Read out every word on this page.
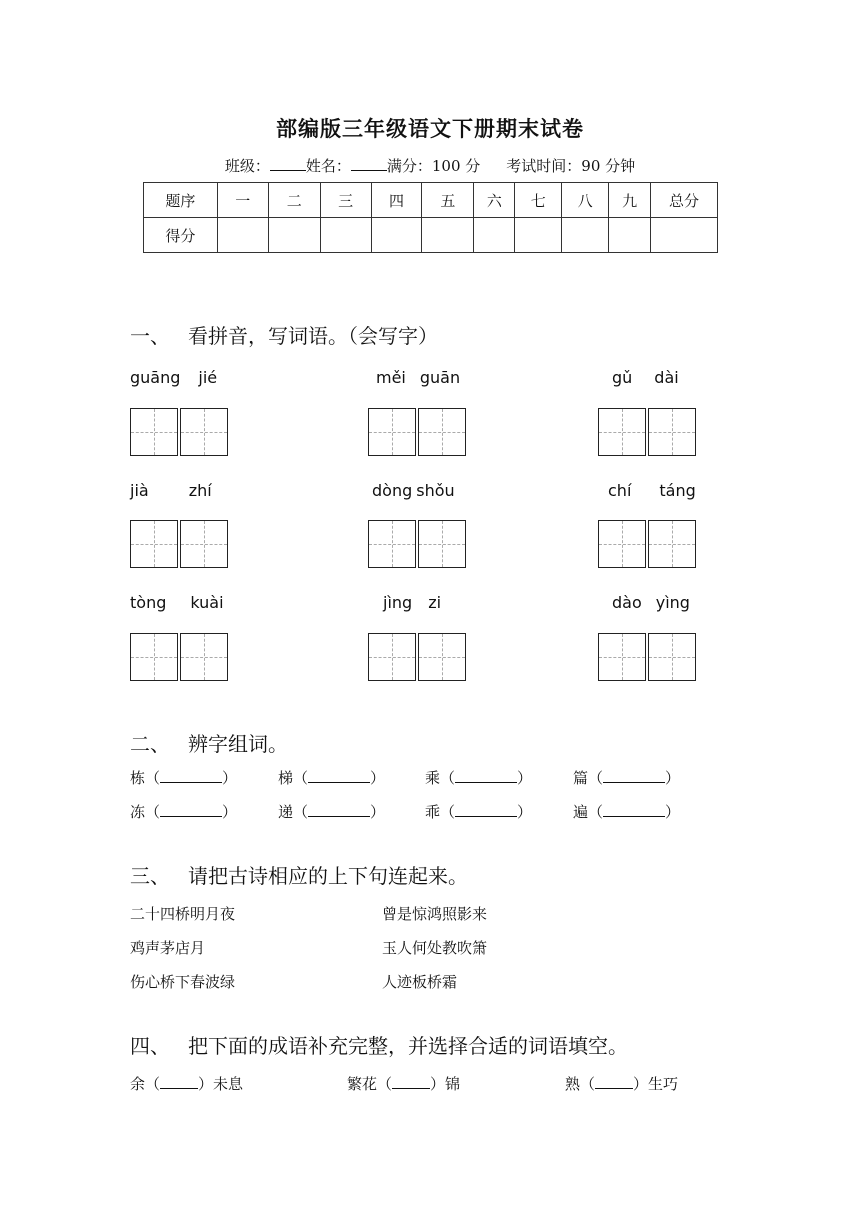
部编版三年级语文下册期末试卷
班级： 姓名： 满分：100 分 考试时间：90 分钟
题序	一	二	三	四	五	六	七	八	九	总分
得分										
一、 看拼音，写词语。（会写字）
guāng jié	měi guān	gǔ dài
jià	zhí	dòng shǒu	chí táng
tòng kuài	jìng zi	dào yìng
二、 辨字组词。
栋（	）	梯（	）	乘（	）	篇（	）
冻（	）	递（	）	乖（	）	遍（	）
三、 请把古诗相应的上下句连起来。
二十四桥明月夜	曾是惊鸿照影来
鸡声茅店月	玉人何处教吹箫
伤心桥下春波绿	人迹板桥霜
四、 把下面的成语补充完整，并选择合适的词语填空。
余（	）未息	繁花（	）锦	熟（	）生巧
